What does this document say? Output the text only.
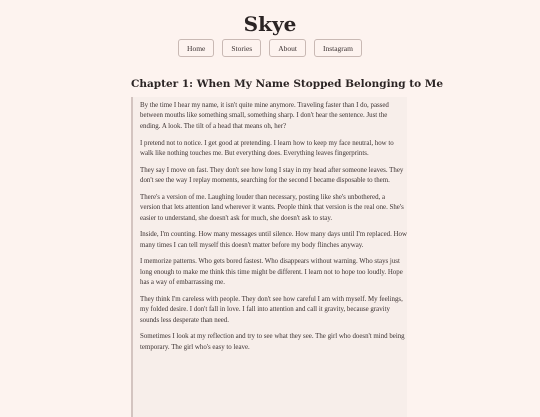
Skye
Home	Stories	About	Instagram
Chapter 1: When My Name Stopped Belonging to Me

By the time I hear my name, it isn't quite mine anymore. Traveling faster than I do, passed between mouths like something small, something sharp. I don't hear the sentence. Just the ending. A look. The tilt of a head that means oh, her?

I pretend not to notice. I get good at pretending. I learn how to keep my face neutral, how to walk like nothing touches me. But everything does. Everything leaves fingerprints.

They say I move on fast. They don't see how long I stay in my head after someone leaves. They don't see the way I replay moments, searching for the second I became disposable to them.

There's a version of me. Laughing louder than necessary, posting like she's unbothered, a version that lets attention land wherever it wants. People think that version is the real one. She's easier to understand, she doesn't ask for much, she doesn't ask to stay.

Inside, I'm counting. How many messages until silence. How many days until I'm replaced. How many times I can tell myself this doesn't matter before my body flinches anyway.

I memorize patterns. Who gets bored fastest. Who disappears without warning. Who stays just long enough to make me think this time might be different. I learn not to hope too loudly. Hope has a way of embarrassing me.

They think I'm careless with people. They don't see how careful I am with myself. My feelings, my folded desire. I don't fall in love. I fall into attention and call it gravity, because gravity sounds less desperate than need.

Sometimes I look at my reflection and try to see what they see. The girl who doesn't mind being temporary. The girl who's easy to leave.
